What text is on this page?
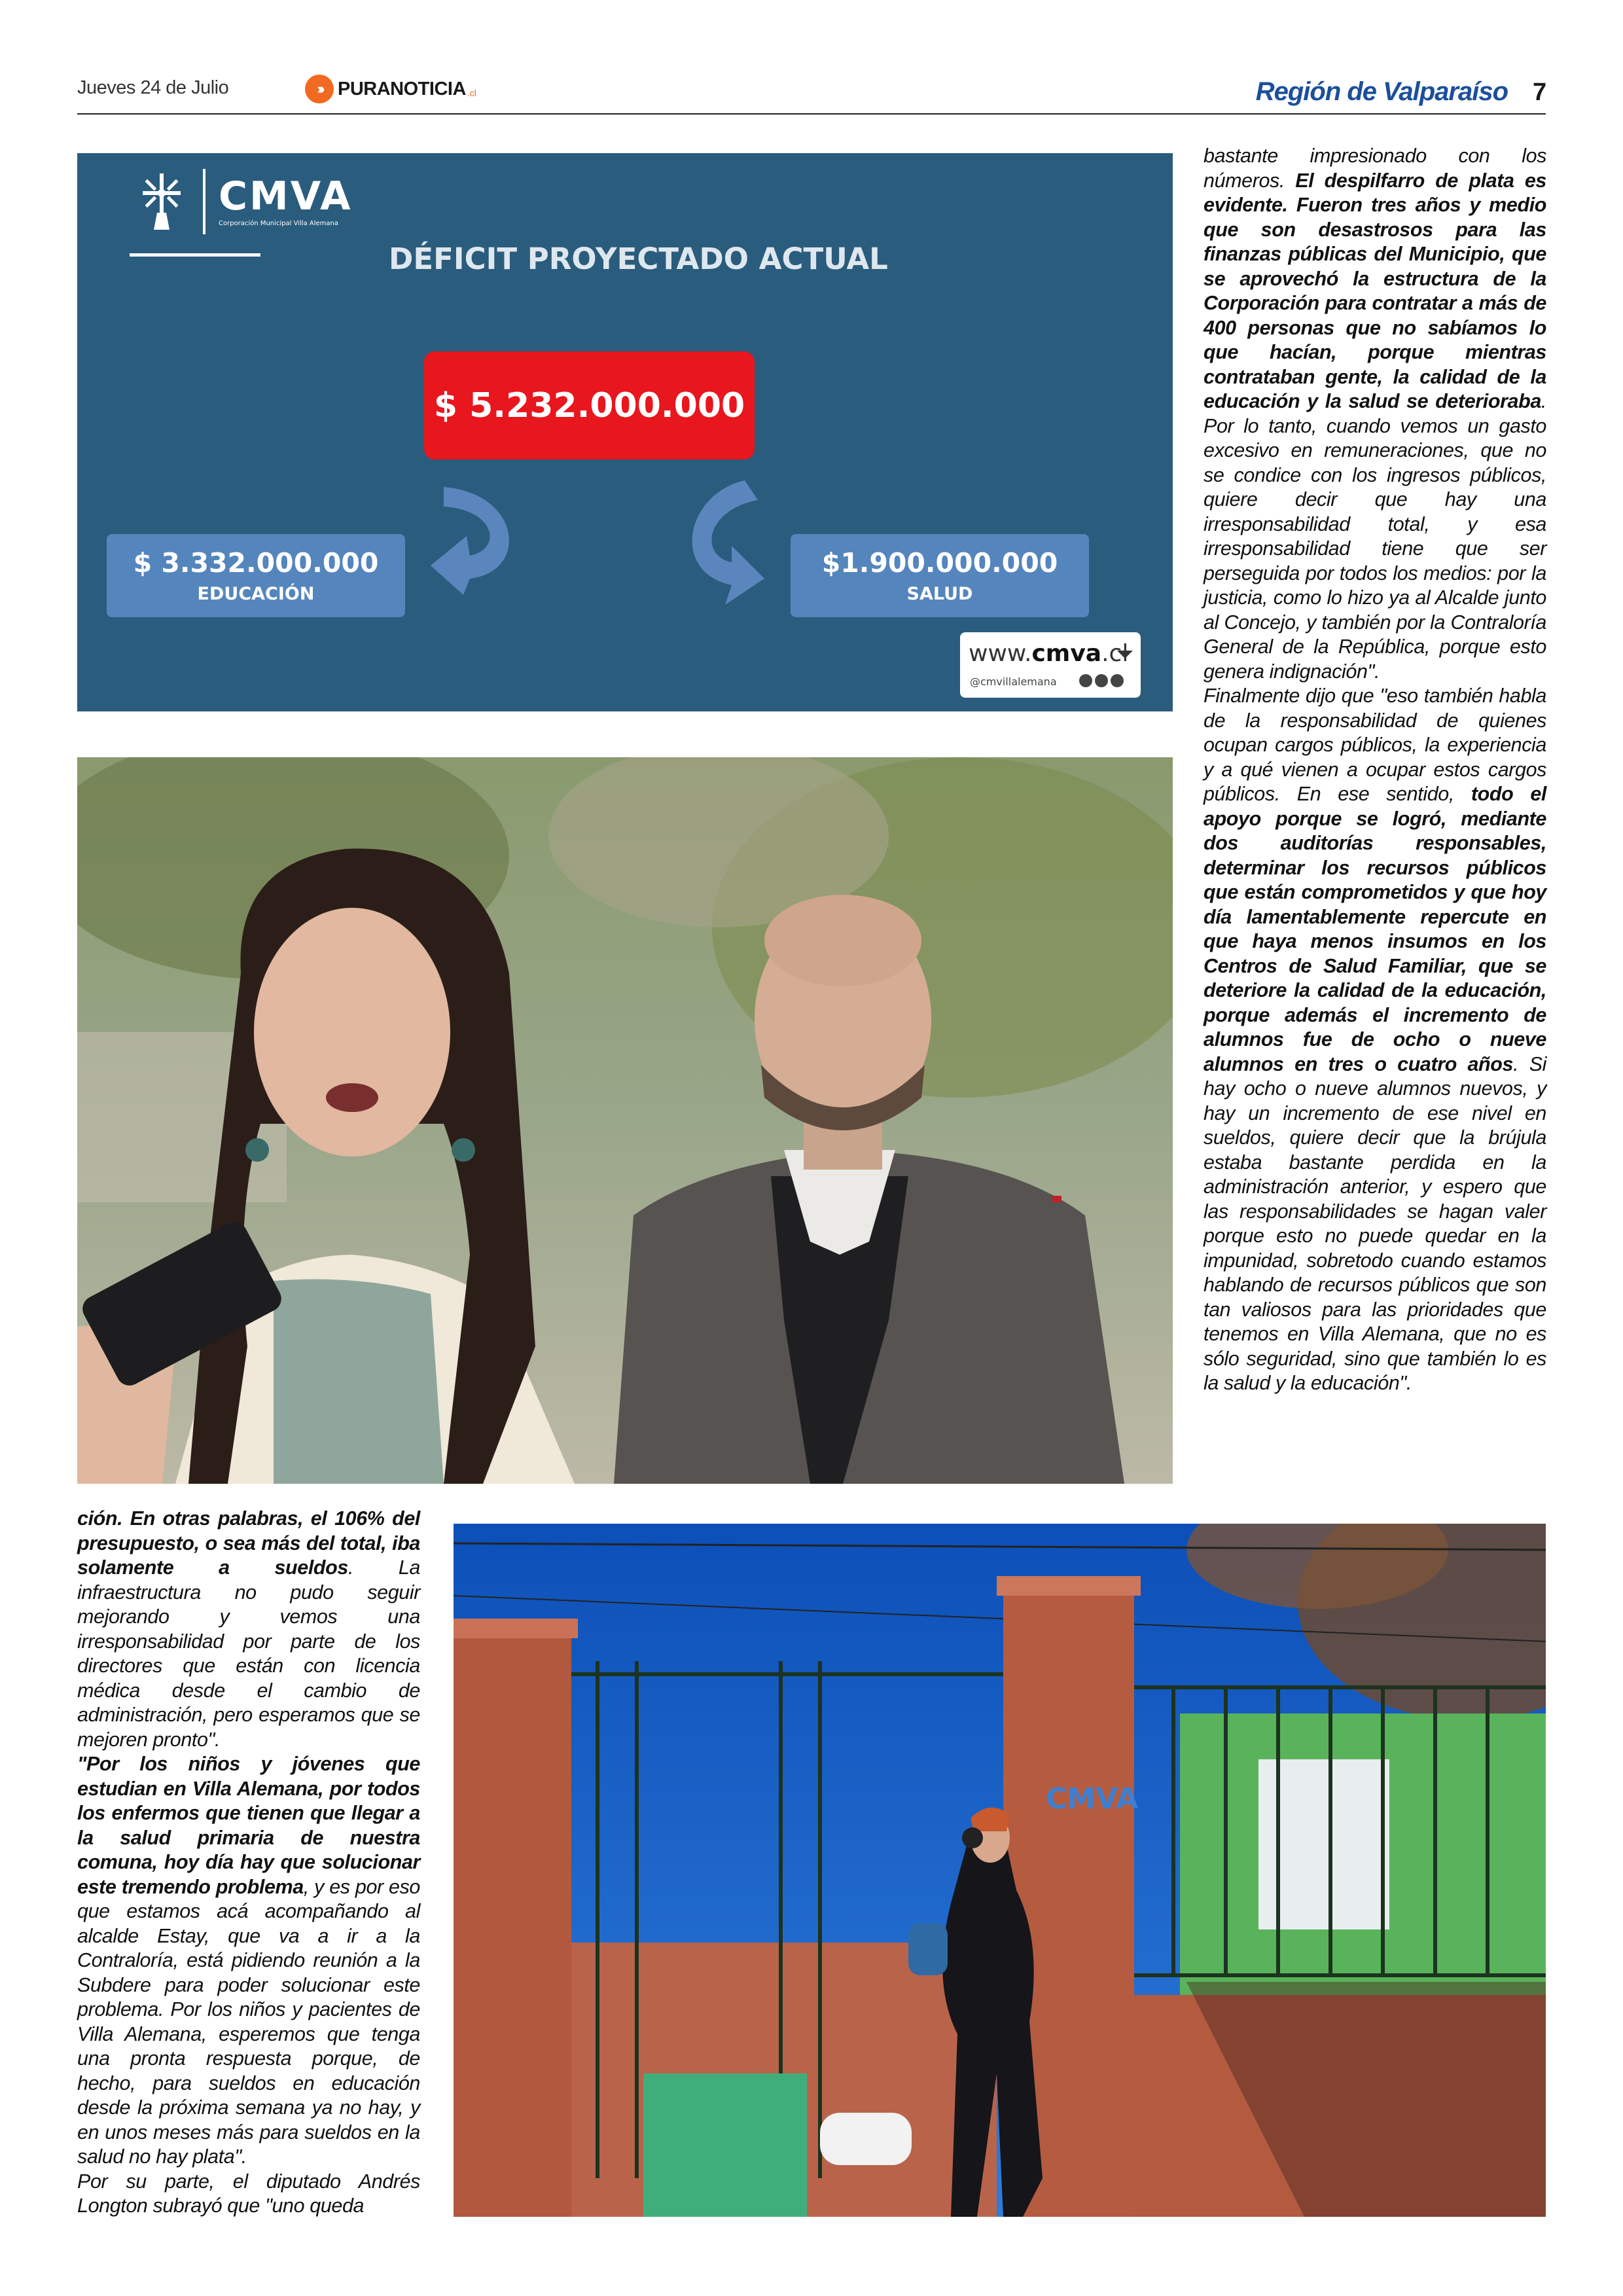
Jueves 24 de Julio	››› PURANOTICIA .cl	Región de Valparaíso 7
CMVA
Corporación Municipal Villa Alemana
DÉFICIT PROYECTADO ACTUAL
$ 5.232.000.000
$ 3.332.000.000
EDUCACIÓN
$1.900.000.000
SALUD
www.cmva.cl
@cmvillalemana
CMVA

bastante impresionado con los números. El despilfarro de plata es evidente. Fueron tres años y medio que son desastrosos para las finanzas públicas del Municipio, que se aprovechó la estructura de la Corporación para contratar a más de 400 personas que no sabíamos lo que hacían, porque mientras contrataban gente, la calidad de la educación y la salud se deterioraba. Por lo tanto, cuando vemos un gasto excesivo en remuneraciones, que no se condice con los ingresos públicos, quiere decir que hay una irresponsabilidad total, y esa irresponsabilidad tiene que ser perseguida por todos los medios: por la justicia, como lo hizo ya al Alcalde junto al Concejo, y también por la Contraloría General de la República, porque esto genera indignación".

Finalmente dijo que "eso también habla de la responsabilidad de quienes ocupan cargos públicos, la experiencia y a qué vienen a ocupar estos cargos públicos. En ese sentido, todo el apoyo porque se logró, mediante dos auditorías responsables, determinar los recursos públicos que están comprometidos y que hoy día lamentablemente repercute en que haya menos insumos en los Centros de Salud Familiar, que se deteriore la calidad de la educación, porque además el incremento de alumnos fue de ocho o nueve alumnos en tres o cuatro años. Si hay ocho o nueve alumnos nuevos, y hay un incremento de ese nivel en sueldos, quiere decir que la brújula estaba bastante perdida en la administración anterior, y espero que las responsabilidades se hagan valer porque esto no puede quedar en la impunidad, sobretodo cuando estamos hablando de recursos públicos que son tan valiosos para las prioridades que tenemos en Villa Alemana, que no es sólo seguridad, sino que también lo es la salud y la educación".

ción. En otras palabras, el 106% del presupuesto, o sea más del total, iba solamente a sueldos. La infraestructura no pudo seguir mejorando y vemos una irresponsabilidad por parte de los directores que están con licencia médica desde el cambio de administración, pero esperamos que se mejoren pronto".

"Por los niños y jóvenes que estudian en Villa Alemana, por todos los enfermos que tienen que llegar a la salud primaria de nuestra comuna, hoy día hay que solucionar este tremendo problema, y es por eso que estamos acá acompañando al alcalde Estay, que va a ir a la Contraloría, está pidiendo reunión a la Subdere para poder solucionar este problema. Por los niños y pacientes de Villa Alemana, esperemos que tenga una pronta respuesta porque, de hecho, para sueldos en educación desde la próxima semana ya no hay, y en unos meses más para sueldos en la salud no hay plata".

Por su parte, el diputado Andrés Longton subrayó que "uno queda
